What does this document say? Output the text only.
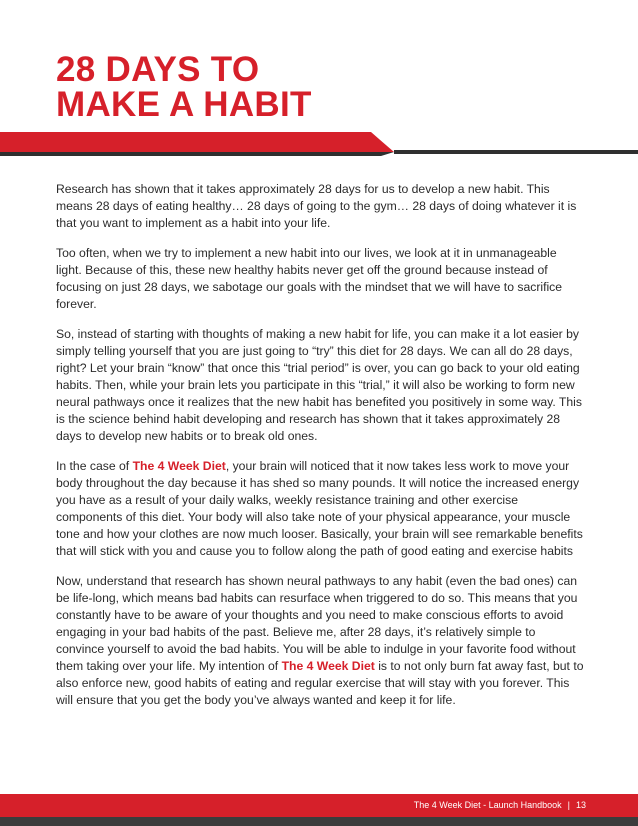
28 DAYS TO
MAKE A HABIT

Research has shown that it takes approximately 28 days for us to develop a new habit. This means 28 days of eating healthy… 28 days of going to the gym… 28 days of doing whatever it is that you want to implement as a habit into your life.

Too often, when we try to implement a new habit into our lives, we look at it in unmanageable light. Because of this, these new healthy habits never get off the ground because instead of focusing on just 28 days, we sabotage our goals with the mindset that we will have to sacrifice forever.

So, instead of starting with thoughts of making a new habit for life, you can make it a lot easier by simply telling yourself that you are just going to “try” this diet for 28 days. We can all do 28 days, right? Let your brain “know” that once this “trial period” is over, you can go back to your old eating habits. Then, while your brain lets you participate in this “trial,” it will also be working to form new neural pathways once it realizes that the new habit has benefited you positively in some way. This is the science behind habit developing and research has shown that it takes approximately 28 days to develop new habits or to break old ones.

In the case of The 4 Week Diet, your brain will noticed that it now takes less work to move your body throughout the day because it has shed so many pounds. It will notice the increased energy you have as a result of your daily walks, weekly resistance training and other exercise components of this diet. Your body will also take note of your physical appearance, your muscle tone and how your clothes are now much looser. Basically, your brain will see remarkable benefits that will stick with you and cause you to follow along the path of good eating and exercise habits

Now, understand that research has shown neural pathways to any habit (even the bad ones) can be life-long, which means bad habits can resurface when triggered to do so. This means that you constantly have to be aware of your thoughts and you need to make conscious efforts to avoid engaging in your bad habits of the past. Believe me, after 28 days, it’s relatively simple to convince yourself to avoid the bad habits. You will be able to indulge in your favorite food without them taking over your life. My intention of The 4 Week Diet is to not only burn fat away fast, but to also enforce new, good habits of eating and regular exercise that will stay with you forever. This will ensure that you get the body you’ve always wanted and keep it for life.

The 4 Week Diet - Launch Handbook | 13
